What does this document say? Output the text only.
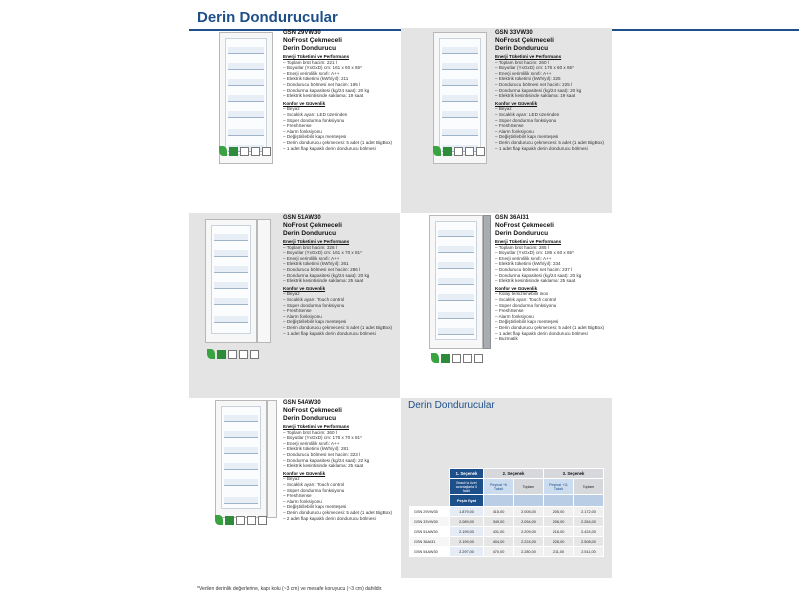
Derin Dondurucular
GSN 29VW30
NoFrost Çekmeceli
Derin Dondurucu
Enerji Tüketimi ve Performans
– Toplam brüt hacim: 221 l
– Boyutlar (YxGxD) cm: 161 x 60 x 65*
– Enerji verimlilik sınıfı: A++
– Elektrik tüketimi (kWh/yıl): 211
– Dondurucu bölmesi net hacim: 195 l
– Dondurma kapasitesi (kg/24 saat): 20 kg
– Elektrik kesintisinde saklama: 19 saat
Konfor ve Güvenlik
– Beyaz
– Sıcaklık ayarı: LED üzerinden
– Süper dondurma fonksiyonu
– FreshSense
– Alarm fonksiyonu
– Değiştirilebilir kapı menteşesi
– Derin dondurucu çekmecesi: 5 adet (1 adet BigBox)
– 1 adet flap kapaklı derin dondurucu bölmesi
GSN 33VW30
NoFrost Çekmeceli
Derin Dondurucu
Enerji Tüketimi ve Performans
– Toplam brüt hacim: 260 l
– Boyutlar (YxGxD) cm: 176 x 60 x 65*
– Enerji verimlilik sınıfı: A++
– Elektrik tüketimi (kWh/yıl): 225
– Dondurucu bölmesi net hacim: 225 l
– Dondurma kapasitesi (kg/24 saat): 20 kg
– Elektrik kesintisinde saklama: 19 saat
Konfor ve Güvenlik
– Beyaz
– Sıcaklık ayarı: LED üzerinden
– Süper dondurma fonksiyonu
– FreshSense
– Alarm fonksiyonu
– Değiştirilebilir kapı menteşesi
– Derin dondurucu çekmecesi: 5 adet (1 adet BigBox)
– 1 adet flap kapaklı derin dondurucu bölmesi
GSN 51AW30
NoFrost Çekmeceli
Derin Dondurucu
Enerji Tüketimi ve Performans
– Toplam brüt hacim: 326 l
– Boyutlar (YxGxD) cm: 161 x 70 x 81*
– Enerji verimlilik sınıfı: A++
– Elektrik tüketimi (kWh/yıl): 261
– Dondurucu bölmesi net hacim: 286 l
– Dondurma kapasitesi (kg/24 saat): 20 kg
– Elektrik kesintisinde saklama: 25 saat
Konfor ve Güvenlik
– Beyaz
– Sıcaklık ayarı: Touch control
– Süper dondurma fonksiyonu
– FreshSense
– Alarm fonksiyonu
– Değiştirilebilir kapı menteşesi
– Derin dondurucu çekmecesi: 5 adet (1 adet BigBox)
– 1 adet flap kapaklı derin dondurucu bölmesi
GSN 36AI31
NoFrost Çekmeceli
Derin Dondurucu
Enerji Tüketimi ve Performans
– Toplam brüt hacim: 285 l
– Boyutlar (YxGxD) cm: 186 x 60 x 65*
– Enerji verimlilik sınıfı: A++
– Elektrik tüketimi (kWh/yıl): 234
– Dondurucu bölmesi net hacim: 237 l
– Dondurma kapasitesi (kg/24 saat): 20 kg
– Elektrik kesintisinde saklama: 25 saat
Konfor ve Güvenlik
– Kolay temizlenebilir inox
– Sıcaklık ayarı: Touch control
– Süper dondurma fonksiyonu
– FreshSense
– Alarm fonksiyonu
– Değiştirilebilir kapı menteşesi
– Derin dondurucu çekmecesi: 5 adet (1 adet BigBox)
– 1 adet flap kapaklı derin dondurucu bölmesi
– Buzmatik
GSN 54AW30
NoFrost Çekmeceli
Derin Dondurucu
Enerji Tüketimi ve Performans
– Toplam brüt hacim: 360 l
– Boyutlar (YxGxD) cm: 176 x 70 x 81*
– Enerji verimlilik sınıfı: A++
– Elektrik tüketimi (kWh/yıl): 281
– Dondurucu bölmesi net hacim: 323 l
– Dondurma kapasitesi (kg/24 saat): 22 kg
– Elektrik kesintisinde saklama: 25 saat
Konfor ve Güvenlik
– Beyaz
– Sıcaklık ayarı: Touch control
– Süper dondurma fonksiyonu
– FreshSense
– Alarm fonksiyonu
– Değiştirilebilir kapı menteşesi
– Derin dondurucu çekmecesi: 5 adet (1 adet BigBox)
– 2 adet flap kapaklı derin dondurucu bölmesi
Derin Dondurucular
	1. Seçenek	2. Seçenek		3. Seçenek	
	Bosch'a özel avantajlarla 0 faizli	Peşinat +6 Taksit	Toplam	Peşinat +11 Taksit	Toplam
	Peşin fiyat				
GSN 29VW30	1.879,00	415,00	2.005,00	205,00	2.172,00
GSN 33VW30	2.089,00	349,00	2.094,00	206,00	2.264,00
GSN 51AW30	2.199,00	431,00	2.209,00	216,00	2.424,00
GSN 36AI31	2.199,00	404,00	2.224,00	228,00	2.508,00
GSN 54AW30	2.297,00	470,00	2.280,00	211,00	2.511,00
*Verilen derinlik değerlerine, kapı kolu (~3 cm) ve mesafe koruyucu (~3 cm) dahildir.
